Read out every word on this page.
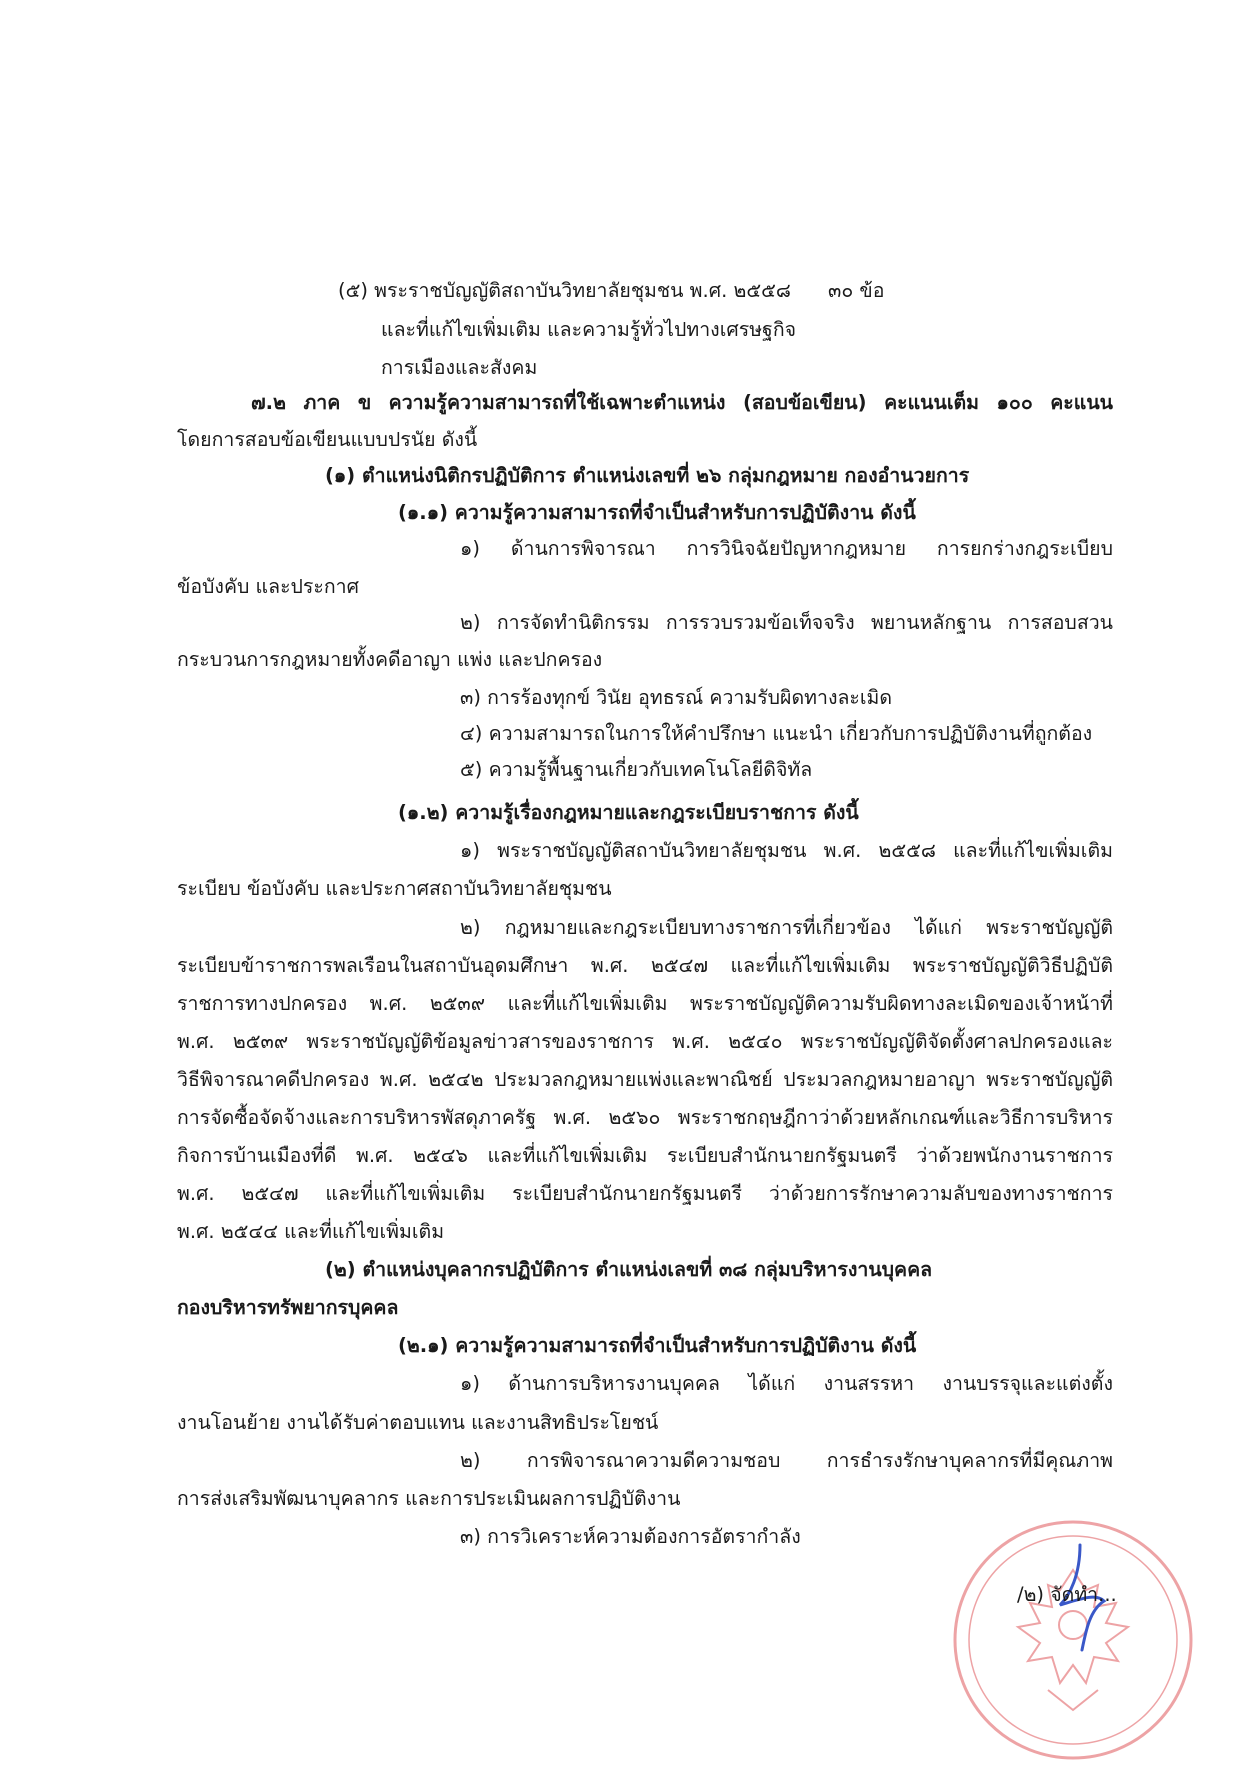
(๕) พระราชบัญญัติสถาบันวิทยาลัยชุมชน พ.ศ. ๒๕๕๘ ๓๐ ข้อ
และที่แก้ไขเพิ่มเติม และความรู้ทั่วไปทางเศรษฐกิจ
การเมืองและสังคม
๗.๒ ภาค ข ความรู้ความสามารถที่ใช้เฉพาะตำแหน่ง (สอบข้อเขียน) คะแนนเต็ม ๑๐๐ คะแนน
โดยการสอบข้อเขียนแบบปรนัย ดังนี้
(๑) ตำแหน่งนิติกรปฏิบัติการ ตำแหน่งเลขที่ ๒๖ กลุ่มกฎหมาย กองอำนวยการ
(๑.๑) ความรู้ความสามารถที่จำเป็นสำหรับการปฏิบัติงาน ดังนี้
๑) ด้านการพิจารณา การวินิจฉัยปัญหากฎหมาย การยกร่างกฎระเบียบ
ข้อบังคับ และประกาศ
๒) การจัดทำนิติกรรม การรวบรวมข้อเท็จจริง พยานหลักฐาน การสอบสวน
กระบวนการกฎหมายทั้งคดีอาญา แพ่ง และปกครอง
๓) การร้องทุกข์ วินัย อุทธรณ์ ความรับผิดทางละเมิด
๔) ความสามารถในการให้คำปรึกษา แนะนำ เกี่ยวกับการปฏิบัติงานที่ถูกต้อง
๕) ความรู้พื้นฐานเกี่ยวกับเทคโนโลยีดิจิทัล
(๑.๒) ความรู้เรื่องกฎหมายและกฎระเบียบราชการ ดังนี้
๑) พระราชบัญญัติสถาบันวิทยาลัยชุมชน พ.ศ. ๒๕๕๘ และที่แก้ไขเพิ่มเติม
ระเบียบ ข้อบังคับ และประกาศสถาบันวิทยาลัยชุมชน
๒) กฎหมายและกฎระเบียบทางราชการที่เกี่ยวข้อง ได้แก่ พระราชบัญญัติ
ระเบียบข้าราชการพลเรือนในสถาบันอุดมศึกษา พ.ศ. ๒๕๔๗ และที่แก้ไขเพิ่มเติม พระราชบัญญัติวิธีปฏิบัติ
ราชการทางปกครอง พ.ศ. ๒๕๓๙ และที่แก้ไขเพิ่มเติม พระราชบัญญัติความรับผิดทางละเมิดของเจ้าหน้าที่
พ.ศ. ๒๕๓๙ พระราชบัญญัติข้อมูลข่าวสารของราชการ พ.ศ. ๒๕๔๐ พระราชบัญญัติจัดตั้งศาลปกครองและ
วิธีพิจารณาคดีปกครอง พ.ศ. ๒๕๔๒ ประมวลกฎหมายแพ่งและพาณิชย์ ประมวลกฎหมายอาญา พระราชบัญญัติ
การจัดซื้อจัดจ้างและการบริหารพัสดุภาครัฐ พ.ศ. ๒๕๖๐ พระราชกฤษฎีกาว่าด้วยหลักเกณฑ์และวิธีการบริหาร
กิจการบ้านเมืองที่ดี พ.ศ. ๒๕๔๖ และที่แก้ไขเพิ่มเติม ระเบียบสำนักนายกรัฐมนตรี ว่าด้วยพนักงานราชการ
พ.ศ. ๒๕๔๗ และที่แก้ไขเพิ่มเติม ระเบียบสำนักนายกรัฐมนตรี ว่าด้วยการรักษาความลับของทางราชการ
พ.ศ. ๒๕๔๔ และที่แก้ไขเพิ่มเติม
(๒) ตำแหน่งบุคลากรปฏิบัติการ ตำแหน่งเลขที่ ๓๘ กลุ่มบริหารงานบุคคล
กองบริหารทรัพยากรบุคคล
(๒.๑) ความรู้ความสามารถที่จำเป็นสำหรับการปฏิบัติงาน ดังนี้
๑) ด้านการบริหารงานบุคคล ได้แก่ งานสรรหา งานบรรจุและแต่งตั้ง
งานโอนย้าย งานได้รับค่าตอบแทน และงานสิทธิประโยชน์
๒) การพิจารณาความดีความชอบ การธำรงรักษาบุคลากรที่มีคุณภาพ
การส่งเสริมพัฒนาบุคลากร และการประเมินผลการปฏิบัติงาน
๓) การวิเคราะห์ความต้องการอัตรากำลัง
/๒) จัดทำ...
